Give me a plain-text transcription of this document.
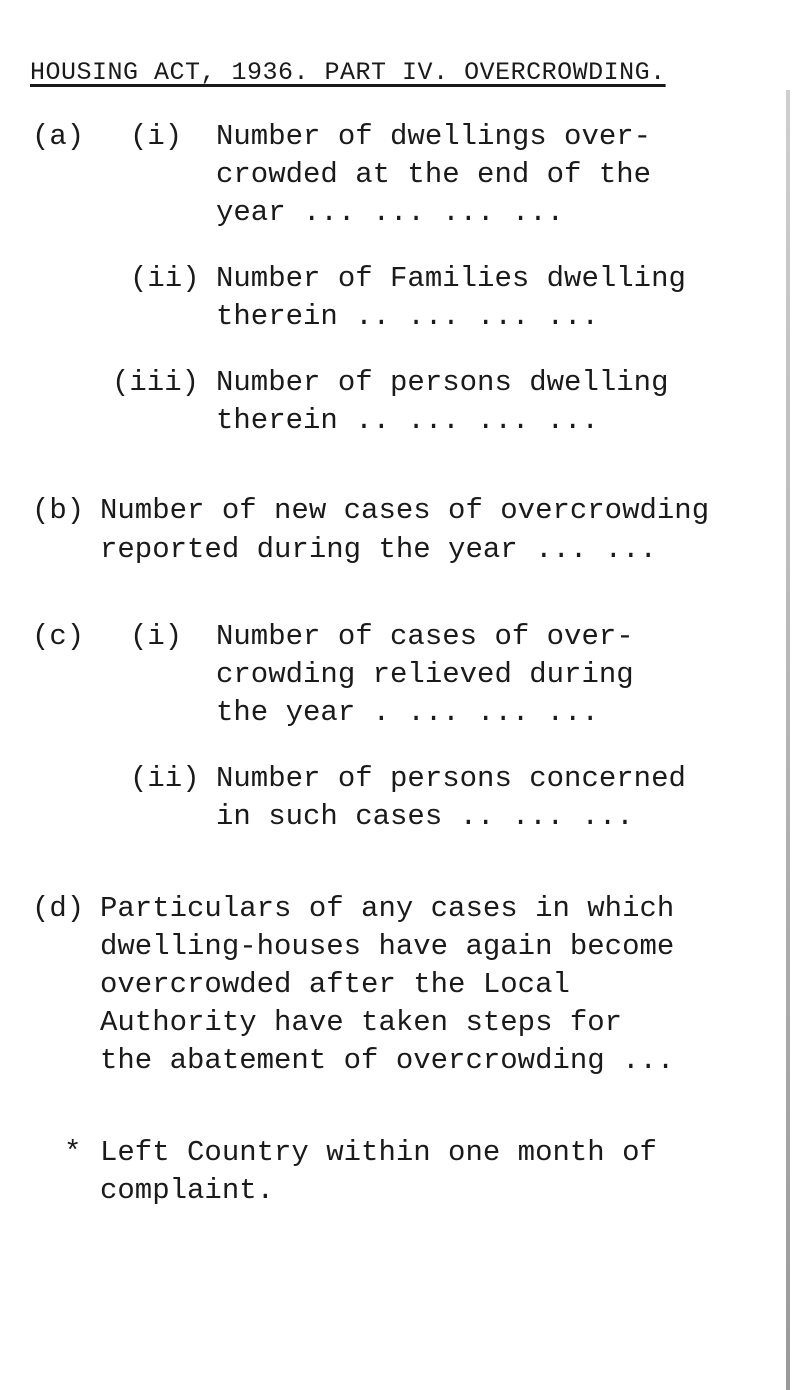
HOUSING ACT, 1936. PART IV. OVERCROWDING.
(a) (i) Number of dwellings over-
crowded at the end of the
year ... ... ... ...
(ii) Number of Families dwelling
therein .. ... ... ...
(iii) Number of persons dwelling
therein .. ... ... ...
(b) Number of new cases of overcrowding
reported during the year ... ...
(c) (i) Number of cases of over-
crowding relieved during
the year . ... ... ...
(ii) Number of persons concerned
in such cases .. ... ...
(d) Particulars of any cases in which
dwelling-houses have again become
overcrowded after the Local
Authority have taken steps for
the abatement of overcrowding ...
* Left Country within one month of
complaint.
